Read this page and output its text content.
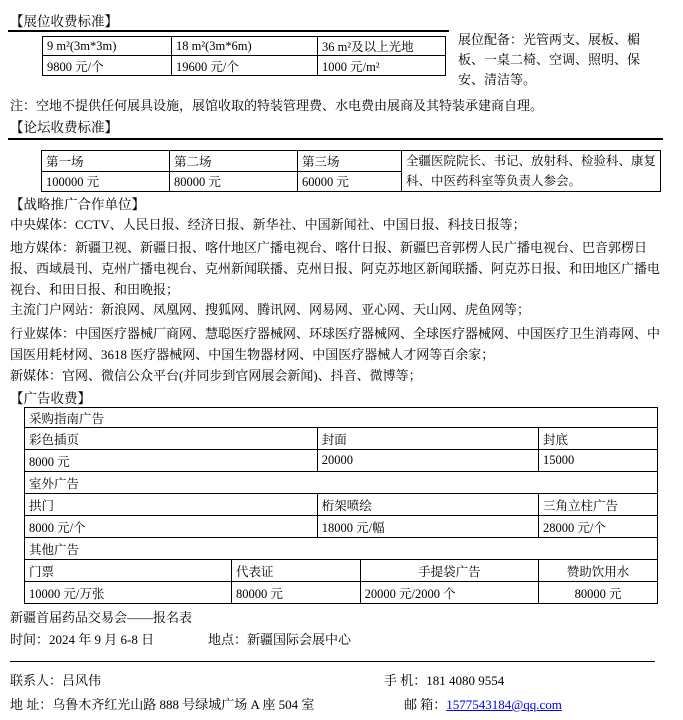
【展位收费标准】
9 m²(3m*3m)	18 m²(3m*6m)	36 m²及以上光地
9800 元/个	19600 元/个	1000 元/m²
展位配备：光管两支、展板、楣板、一桌二椅、空调、照明、保安、清洁等。
注：空地不提供任何展具设施，展馆收取的特装管理费、水电费由展商及其特装承建商自理。
【论坛收费标准】
第一场	第二场	第三场	全疆医院院长、书记、放射科、检验科、康复科、中医药科室等负责人参会。
100000 元	80000 元	60000 元	
【战略推广合作单位】
中央媒体：CCTV、人民日报、经济日报、新华社、中国新闻社、中国日报、科技日报等；
地方媒体：新疆卫视、新疆日报、喀什地区广播电视台、喀什日报、新疆巴音郭楞人民广播电视台、巴音郭楞日报、西域晨刊、克州广播电视台、克州新闻联播、克州日报、阿克苏地区新闻联播、阿克苏日报、和田地区广播电视台、和田日报、和田晚报；
主流门户网站：新浪网、凤凰网、搜狐网、腾讯网、网易网、亚心网、天山网、虎鱼网等；
行业媒体：中国医疗器械厂商网、慧聪医疗器械网、环球医疗器械网、全球医疗器械网、中国医疗卫生消毒网、中国医用耗材网、3618 医疗器械网、中国生物器材网、中国医疗器械人才网等百余家；
新媒体：官网、微信公众平台(并同步到官网展会新闻)、抖音、微博等；
【广告收费】
采购指南广告											
彩色插页					封面				封底		
8000 元					20000				15000		
室外广告											
拱门					桁架喷绘				三角立柱广告		
8000 元/个					18000 元/幅				28000 元/个		
其他广告											
门票			代表证			手提袋广告			赞助饮用水		
10000 元/万张			80000 元			20000 元/2000 个			80000 元		

新疆首届药品交易会——报名表
时间：2024 年 9 月 6-8 日	地点：新疆国际会展中心
联系人：吕风伟	手 机：181 4080 9554
地 址：乌鲁木齐红光山路 888 号绿城广场 A 座 504 室	邮 箱：1577543184@qq.com
